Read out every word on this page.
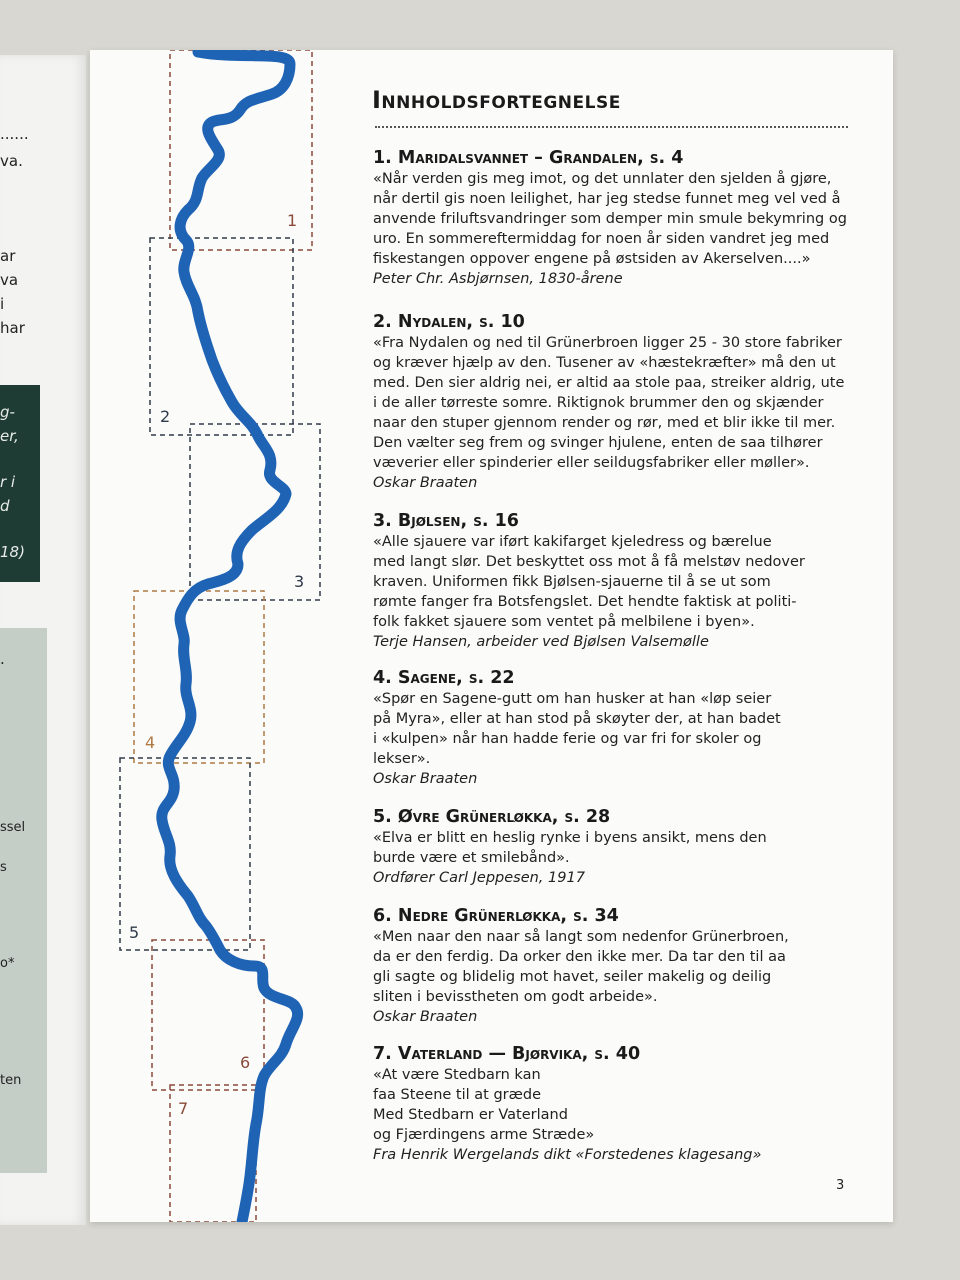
......
va.
ar
va
i
har
g-
er,
r i
d
18)
.
ssel
s
o*
ten
1
2
3
4
5
6
7
Innholdsfortegnelse
1. Maridalsvannet – Grandalen, s. 4
«Når verden gis meg imot, og det unnlater den sjelden å gjøre,
når dertil gis noen leilighet, har jeg stedse funnet meg vel ved å
anvende friluftsvandringer som demper min smule bekymring og
uro. En sommereftermiddag for noen år siden vandret jeg med
fiskestangen oppover engene på østsiden av Akerselven....»
Peter Chr. Asbjørnsen, 1830-årene
2. Nydalen, s. 10
«Fra Nydalen og ned til Grünerbroen ligger 25 - 30 store fabriker
og kræver hjælp av den. Tusener av «hæstekræfter» må den ut
med. Den sier aldrig nei, er altid aa stole paa, streiker aldrig, ute
i de aller tørreste somre. Riktignok brummer den og skjænder
naar den stuper gjennom render og rør, med et blir ikke til mer.
Den vælter seg frem og svinger hjulene, enten de saa tilhører
væverier eller spinderier eller seildugsfabriker eller møller».
Oskar Braaten
3. Bjølsen, s. 16
«Alle sjauere var iført kakifarget kjeledress og bærelue
med langt slør. Det beskyttet oss mot å få melstøv nedover
kraven. Uniformen fikk Bjølsen-sjauerne til å se ut som
rømte fanger fra Botsfengslet. Det hendte faktisk at politi-
folk fakket sjauere som ventet på melbilene i byen».
Terje Hansen, arbeider ved Bjølsen Valsemølle
4. Sagene, s. 22
«Spør en Sagene-gutt om han husker at han «løp seier
på Myra», eller at han stod på skøyter der, at han badet
i «kulpen» når han hadde ferie og var fri for skoler og
lekser».
Oskar Braaten
5. Øvre Grünerløkka, s. 28
«Elva er blitt en heslig rynke i byens ansikt, mens den
burde være et smilebånd».
Ordfører Carl Jeppesen, 1917
6. Nedre Grünerløkka, s. 34
«Men naar den naar så langt som nedenfor Grünerbroen,
da er den ferdig. Da orker den ikke mer. Da tar den til aa
gli sagte og blidelig mot havet, seiler makelig og deilig
sliten i bevisstheten om godt arbeide».
Oskar Braaten
7. Vaterland — Bjørvika, s. 40
«At være Stedbarn kan
faa Steene til at græde
Med Stedbarn er Vaterland
og Fjærdingens arme Stræde»
Fra Henrik Wergelands dikt «Forstedenes klagesang»
3
